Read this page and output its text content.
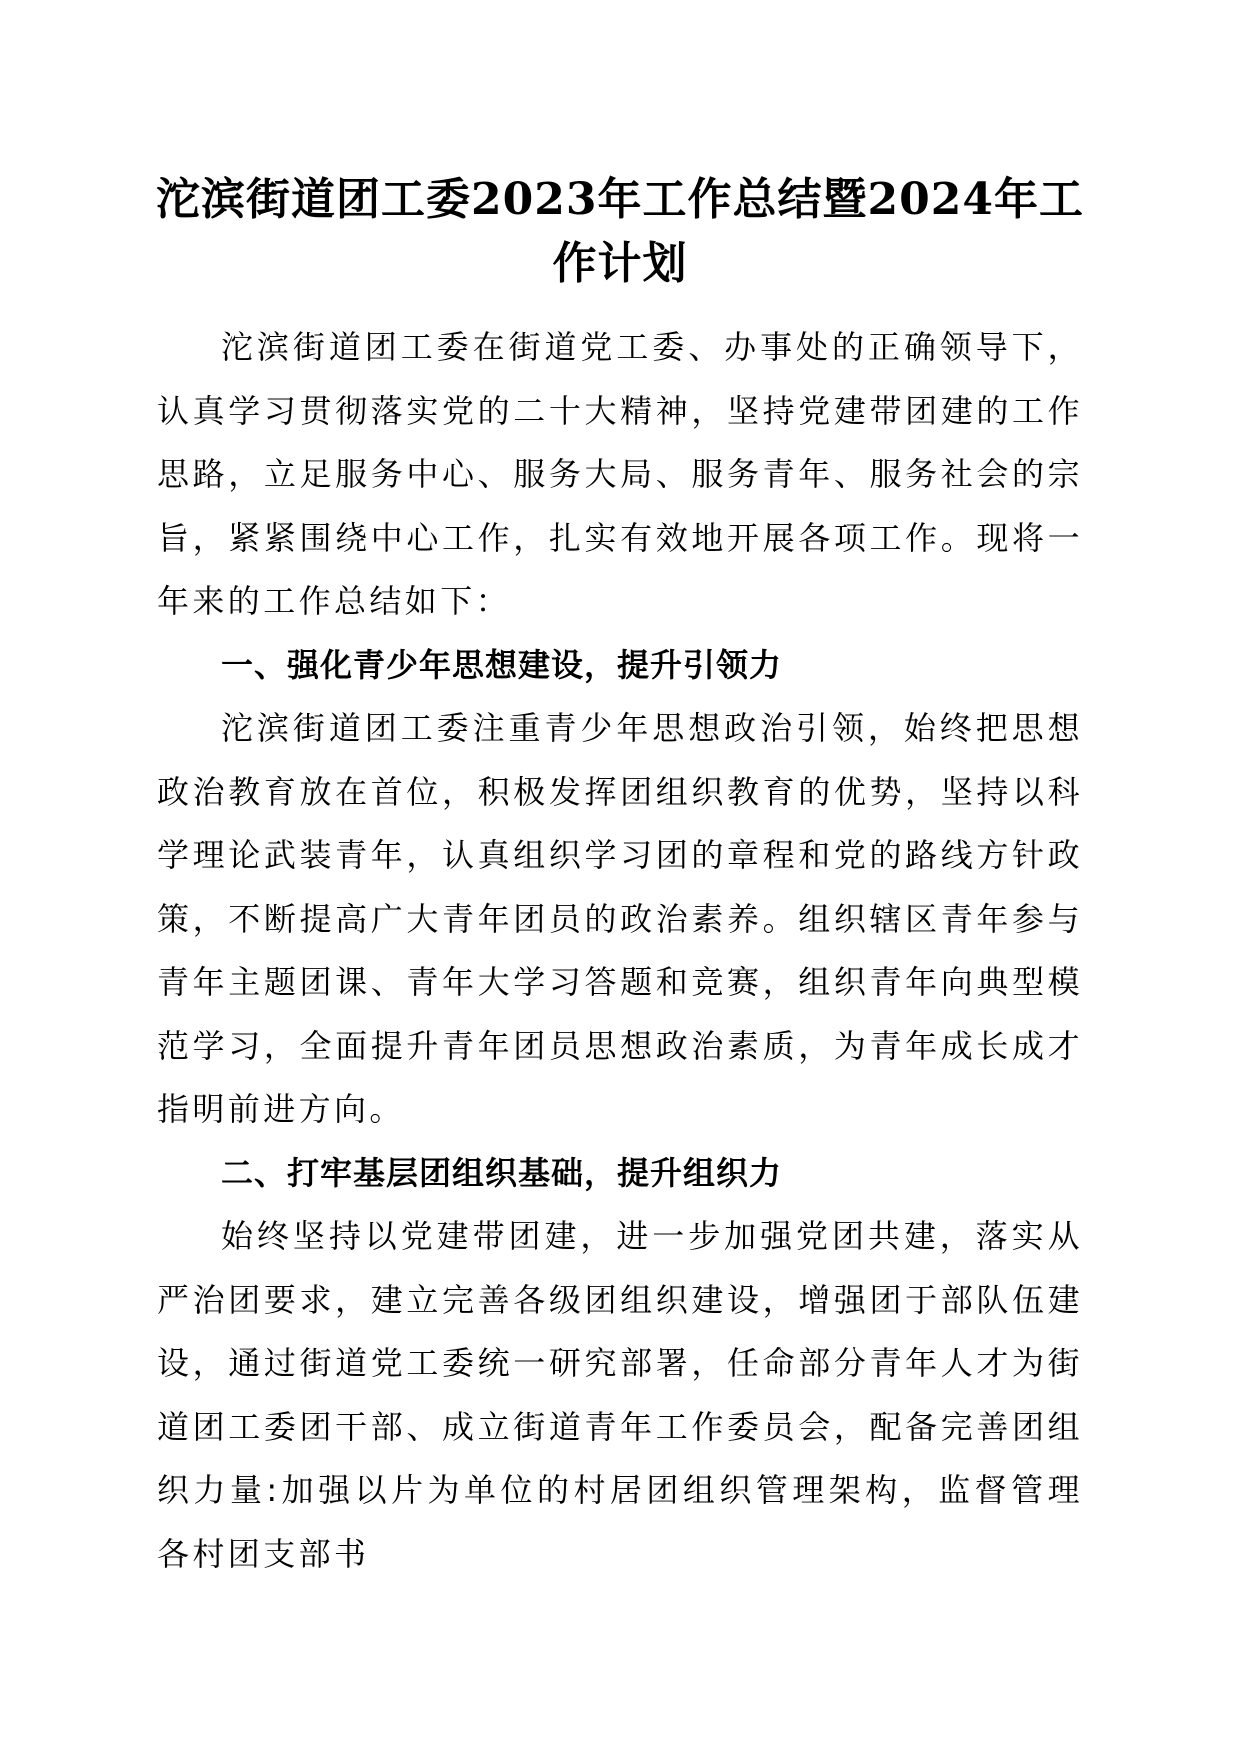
沱滨街道团工委2023年工作总结暨2024年工作计划

沱滨街道团工委在街道党工委、办事处的正确领导下，认真学习贯彻落实党的二十大精神，坚持党建带团建的工作思路，立足服务中心、服务大局、服务青年、服务社会的宗旨，紧紧围绕中心工作，扎实有效地开展各项工作。现将一年来的工作总结如下：

一、强化青少年思想建设，提升引领力

沱滨街道团工委注重青少年思想政治引领，始终把思想政治教育放在首位，积极发挥团组织教育的优势，坚持以科学理论武装青年，认真组织学习团的章程和党的路线方针政策，不断提高广大青年团员的政治素养。组织辖区青年参与青年主题团课、青年大学习答题和竞赛，组织青年向典型模范学习，全面提升青年团员思想政治素质，为青年成长成才指明前进方向。

二、打牢基层团组织基础，提升组织力

始终坚持以党建带团建，进一步加强党团共建，落实从严治团要求，建立完善各级团组织建设，增强团于部队伍建设，通过街道党工委统一研究部署，任命部分青年人才为街道团工委团干部、成立街道青年工作委员会，配备完善团组织力量:加强以片为单位的村居团组织管理架构，监督管理各村团支部书
